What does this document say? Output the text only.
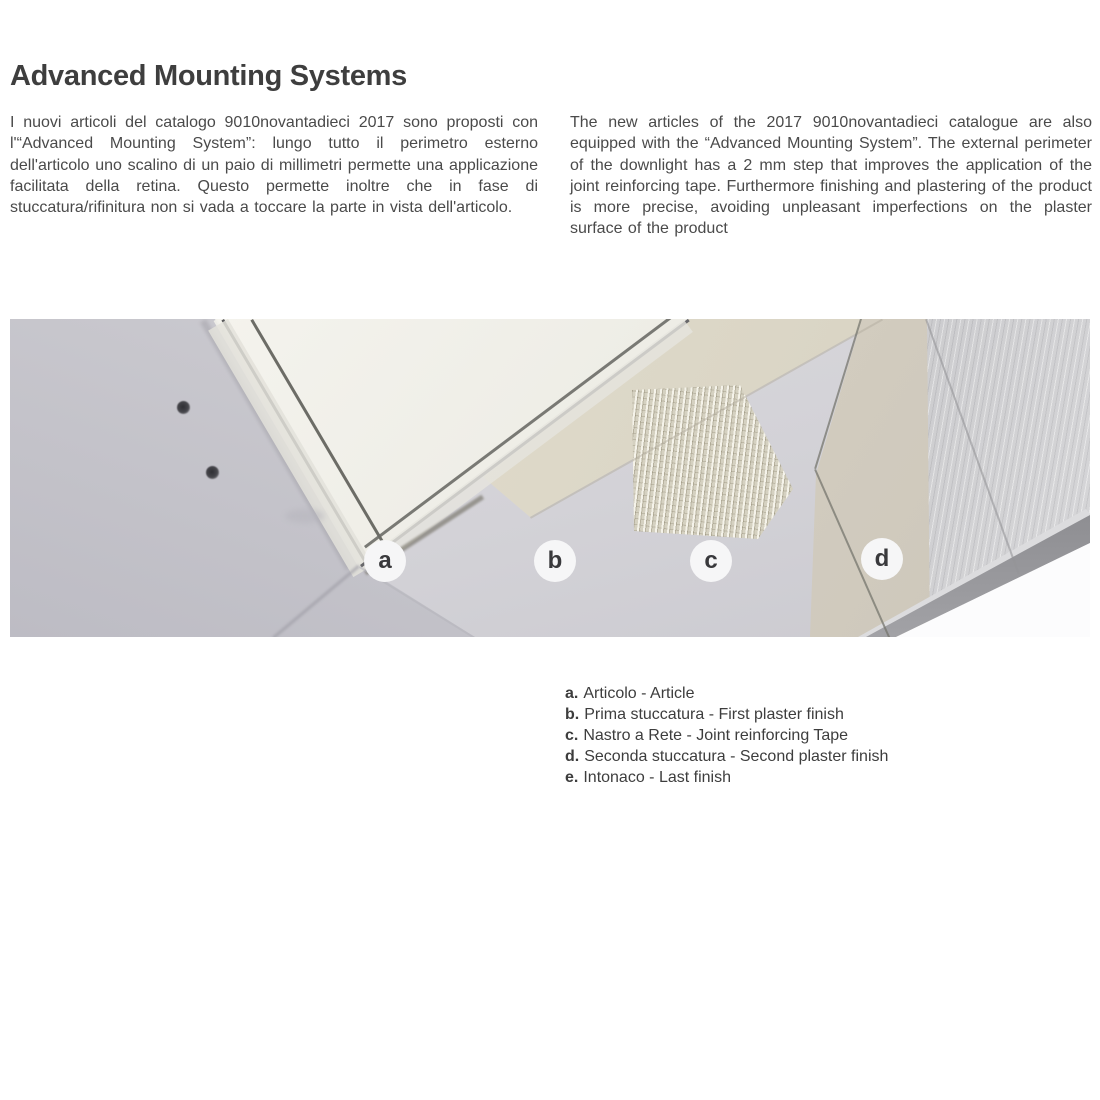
Advanced Mounting Systems

I nuovi articoli del catalogo 9010novantadieci 2017 sono proposti con l'“Advanced Mounting System”: lungo tutto il perimetro esterno dell'articolo uno scalino di un paio di millimetri permette una applicazione facilitata della retina. Questo permette inoltre che in fase di stuccatura/rifinitura non si vada a toccare la parte in vista dell'articolo.

The new articles of the 2017 9010novantadieci catalogue are also equipped with the “Advanced Mounting System”. The external perimeter of the downlight has a 2 mm step that improves the application of the joint reinforcing tape. Furthermore finishing and plastering of the product is more precise, avoiding unpleasant imperfections on the plaster surface of the product

a	b	c	d
a. Articolo - Article
b. Prima stuccatura - First plaster finish
c. Nastro a Rete - Joint reinforcing Tape
d. Seconda stuccatura - Second plaster finish
e. Intonaco - Last finish
